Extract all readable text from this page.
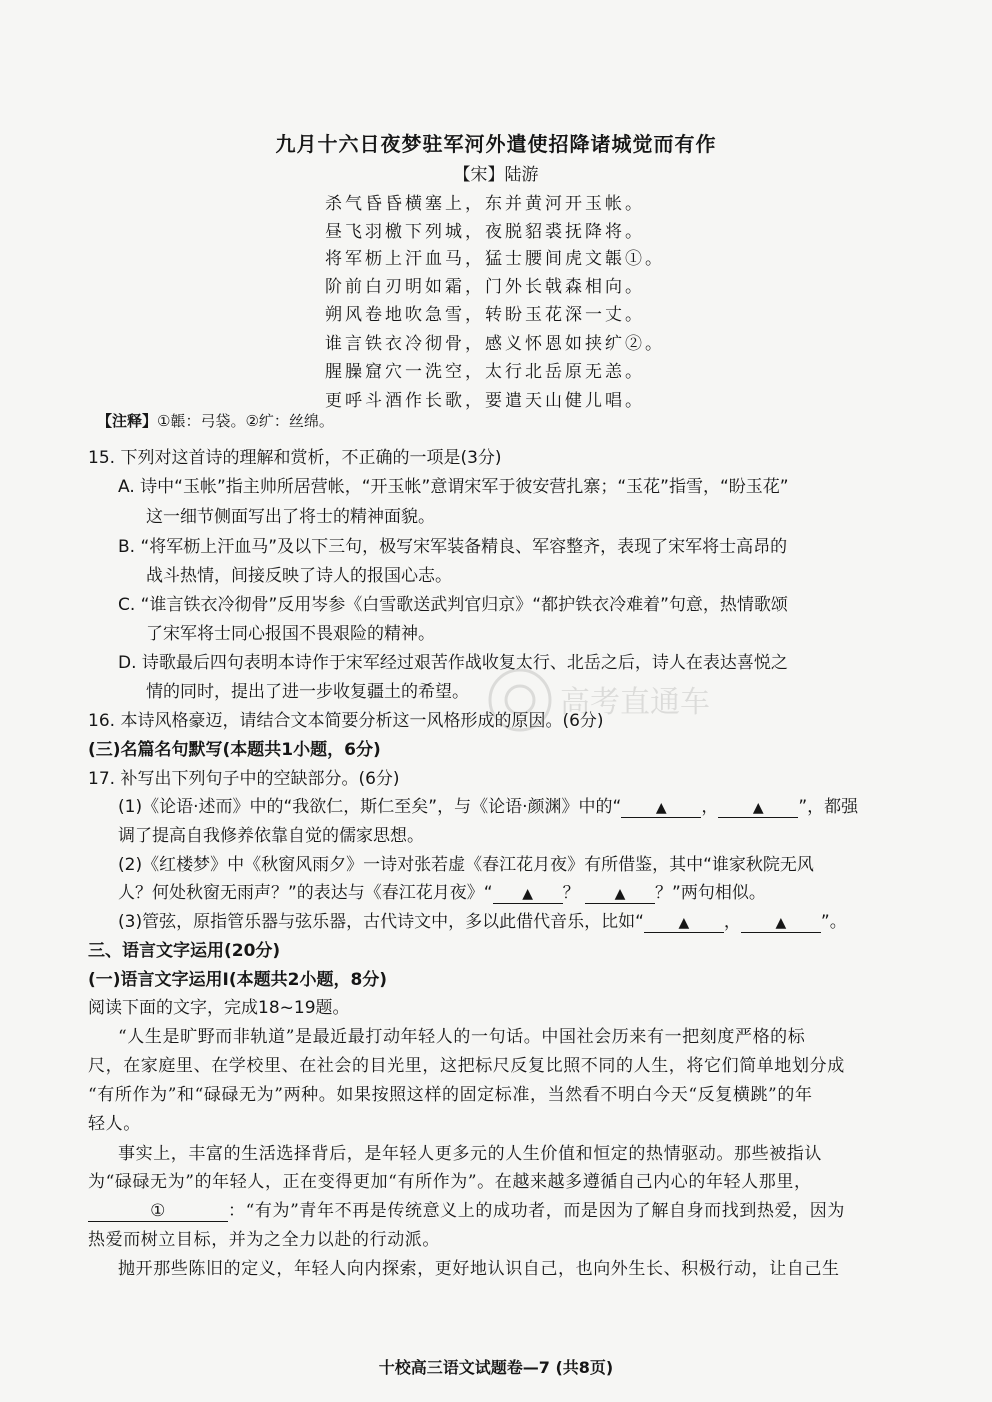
九月十六日夜梦驻军河外遣使招降诸城觉而有作
【宋】陆游
杀气昏昏横塞上，东并黄河开玉帐。
昼飞羽檄下列城，夜脱貂裘抚降将。
将军枥上汗血马，猛士腰间虎文韔①。
阶前白刃明如霜，门外长戟森相向。
朔风卷地吹急雪，转盼玉花深一丈。
谁言铁衣冷彻骨，感义怀恩如挟纩②。
腥臊窟穴一洗空，太行北岳原无恙。
更呼斗酒作长歌，要遣天山健儿唱。
【注释】①韔：弓袋。②纩：丝绵。
15. 下列对这首诗的理解和赏析，不正确的一项是(3分)
A. 诗中“玉帐”指主帅所居营帐，“开玉帐”意谓宋军于彼安营扎寨；“玉花”指雪，“盼玉花”
这一细节侧面写出了将士的精神面貌。
B. “将军枥上汗血马”及以下三句，极写宋军装备精良、军容整齐，表现了宋军将士高昂的
战斗热情，间接反映了诗人的报国心志。
C. “谁言铁衣冷彻骨”反用岑参《白雪歌送武判官归京》“都护铁衣冷难着”句意，热情歌颂
了宋军将士同心报国不畏艰险的精神。
D. 诗歌最后四句表明本诗作于宋军经过艰苦作战收复太行、北岳之后，诗人在表达喜悦之
情的同时，提出了进一步收复疆土的希望。
16. 本诗风格豪迈，请结合文本简要分析这一风格形成的原因。(6分)
(三)名篇名句默写(本题共1小题，6分)
17. 补写出下列句子中的空缺部分。(6分)
(1)《论语·述而》中的“我欲仁，斯仁至矣”，与《论语·颜渊》中的“ ▲ ， ▲ ”，都强
调了提高自我修养依靠自觉的儒家思想。
(2)《红楼梦》中《秋窗风雨夕》一诗对张若虚《春江花月夜》有所借鉴，其中“谁家秋院无风
人？何处秋窗无雨声？”的表达与《春江花月夜》“ ▲ ？	▲ ？”两句相似。
(3)管弦，原指管乐器与弦乐器，古代诗文中，多以此借代音乐，比如“ ▲ ， ▲ ”。
三、语言文字运用(20分)
(一)语言文字运用Ⅰ(本题共2小题，8分)
阅读下面的文字，完成18~19题。
“人生是旷野而非轨道”是最近最打动年轻人的一句话。中国社会历来有一把刻度严格的标
尺，在家庭里、在学校里、在社会的目光里，这把标尺反复比照不同的人生，将它们简单地划分成
“有所作为”和“碌碌无为”两种。如果按照这样的固定标准，当然看不明白今天“反复横跳”的年
轻人。
事实上，丰富的生活选择背后，是年轻人更多元的人生价值和恒定的热情驱动。那些被指认
为“碌碌无为”的年轻人，正在变得更加“有所作为”。在越来越多遵循自己内心的年轻人那里，
①	：“有为”青年不再是传统意义上的成功者，而是因为了解自身而找到热爱，因为
热爱而树立目标，并为之全力以赴的行动派。
抛开那些陈旧的定义，年轻人向内探索，更好地认识自己，也向外生长、积极行动，让自己生
十校高三语文试题卷—7 (共8页)
高考直通车
